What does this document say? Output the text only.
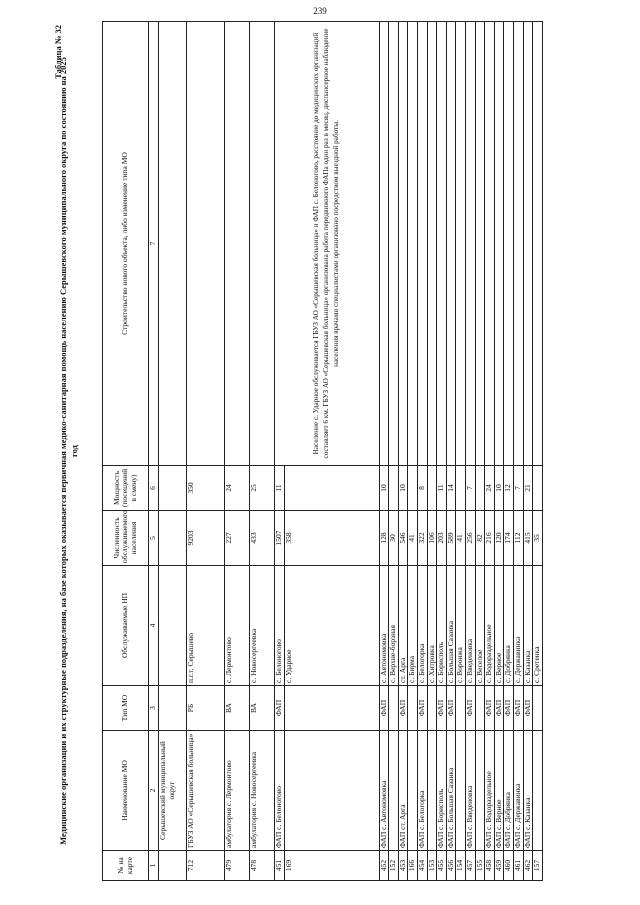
239
Таблица № 32
Медицинские организации и их структурные подразделения, на базе которых оказывается первичная медико-санитарная помощь населению Серышевского муниципального округа по состоянию на 2025 год
№ на карте	Наименование МО	Тип МО	Обслуживаемые НП	Численность обслуживаемого населения	Мощность (посещений в смену)	Строительство нового объекта, либо изменение типа МО
1	2	3	4	5	6	7
	Серышевский муниципальный округ					
712	ГБУЗ АО «Серышевская больница»	РБ	п.г.т. Серышево	9203	350	
479	амбулатория с. Лермонтово	ВА	с. Лермонтово	227	24	
478	амбулатория с. Новосергеевка	ВА	с. Новосергеевка	433	25	
451	ФАП с. Белоногово	ФАП	с. Белоногово	1507	11	Население с. Ударное обслуживается ГБУЗ АО «Серышевская больница» и ФАП с. Белоногово, расстояние до медицинских организаций составляет 6 км. ГБУЗ АО «Серышевская больница» организована работа передвижного ФАПа один раз в месяц, диспансерное наблюдение населения врачами специалистами организовано посредством выездной работы.
169			с. Ударное	358		
452	ФАП с. Автономовка	ФАП	с. Автономовка	128	10	
152			с. Верхне-борзная	30		
453	ФАП ст. Арга	ФАП	ст. Арга	546	10	
166			с. Бирма	41		
454	ФАП с. Белогорка	ФАП	с. Белогорка	322	8	
153			с. Хитровка	106		
455	ФАП с. Борисполь	ФАП	с. Борисполь	203	11	
456	ФАП с. Большая Сазанка	ФАП	с. Большая Сазанка	589	14	
154			с. Воронжа	41		
457	ФАП с. Введеновка	ФАП	с. Введеновка	256	7	
155			с. Веселое	82		
458	ФАП с. Водораздельное	ФАП	с. Водораздельное	216	24	
459	ФАП с. Верное	ФАП	с. Верное	120	10	
460	ФАП с. Добрянка	ФАП	с. Добрянка	174	12	
461	ФАП с. Державинка	ФАП	с. Державинка	112	7	
462	ФАП с. Казанка	ФАП	с. Казанка	415	21	
157			с. Сретенка	35		
